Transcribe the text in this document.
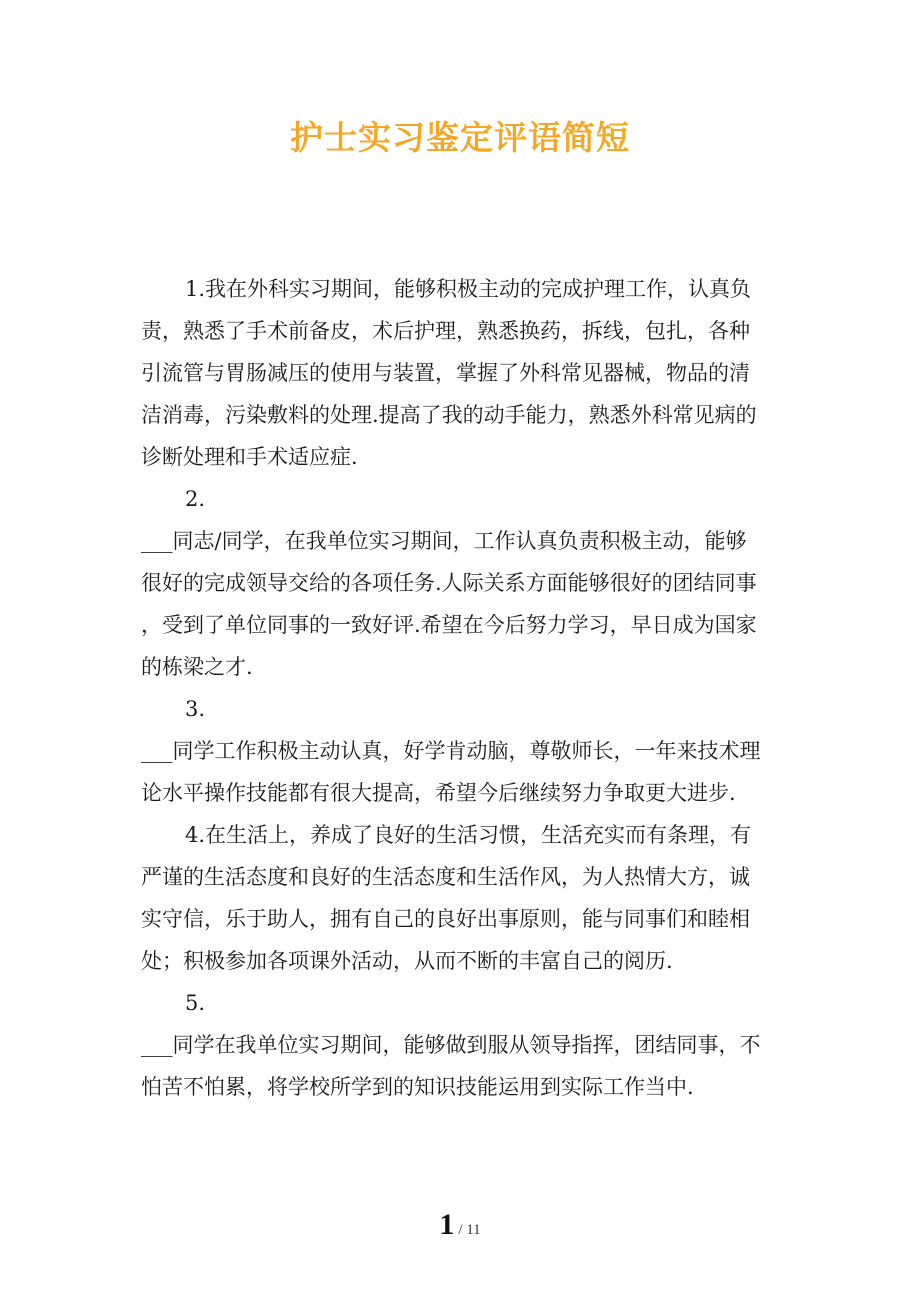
护士实习鉴定评语简短
1.我在外科实习期间，能够积极主动的完成护理工作，认真负
责，熟悉了手术前备皮，术后护理，熟悉换药，拆线，包扎，各种
引流管与胃肠减压的使用与装置，掌握了外科常见器械，物品的清
洁消毒，污染敷料的处理.提高了我的动手能力，熟悉外科常见病的
诊断处理和手术适应症.
2.
___同志/同学，在我单位实习期间，工作认真负责积极主动，能够
很好的完成领导交给的各项任务.人际关系方面能够很好的团结同事
，受到了单位同事的一致好评.希望在今后努力学习，早日成为国家
的栋梁之才.
3.
___同学工作积极主动认真，好学肯动脑，尊敬师长，一年来技术理
论水平操作技能都有很大提高，希望今后继续努力争取更大进步.
4.在生活上，养成了良好的生活习惯，生活充实而有条理，有
严谨的生活态度和良好的生活态度和生活作风，为人热情大方，诚
实守信，乐于助人，拥有自己的良好出事原则，能与同事们和睦相
处；积极参加各项课外活动，从而不断的丰富自己的阅历.
5.
___同学在我单位实习期间，能够做到服从领导指挥，团结同事，不
怕苦不怕累，将学校所学到的知识技能运用到实际工作当中.
1 / 11
